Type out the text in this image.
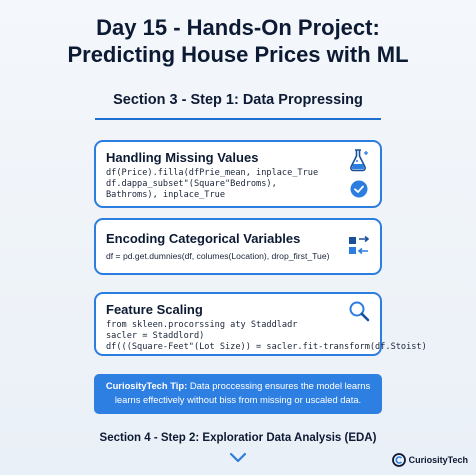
Day 15 - Hands-On Project:
Predicting House Prices with ML
Section 3 - Step 1: Data Propressing
Handling Missing Values
df(Price).filla(dfPrie_mean, inplace_True
df.dappa_subset"(Square"Bedroms),
Bathroms), inplace_True
Encoding Categorical Variables
df = pd.get.dumnies(df, columes(Location), drop_first_Tue)
Feature Scaling
from skleen.procorssing aty Staddladr
sacler = Staddlord)
df(((Square-Feet"(Lot Size)) = sacler.fit-transform(df.Stoist)
CuriosityTech Tip: Data proccessing ensures the model learns learns effectively without biss from missing or uscaled data.
Section 4 - Step 2: Exploratior Data Analysis (EDA)
CuriosityTech
